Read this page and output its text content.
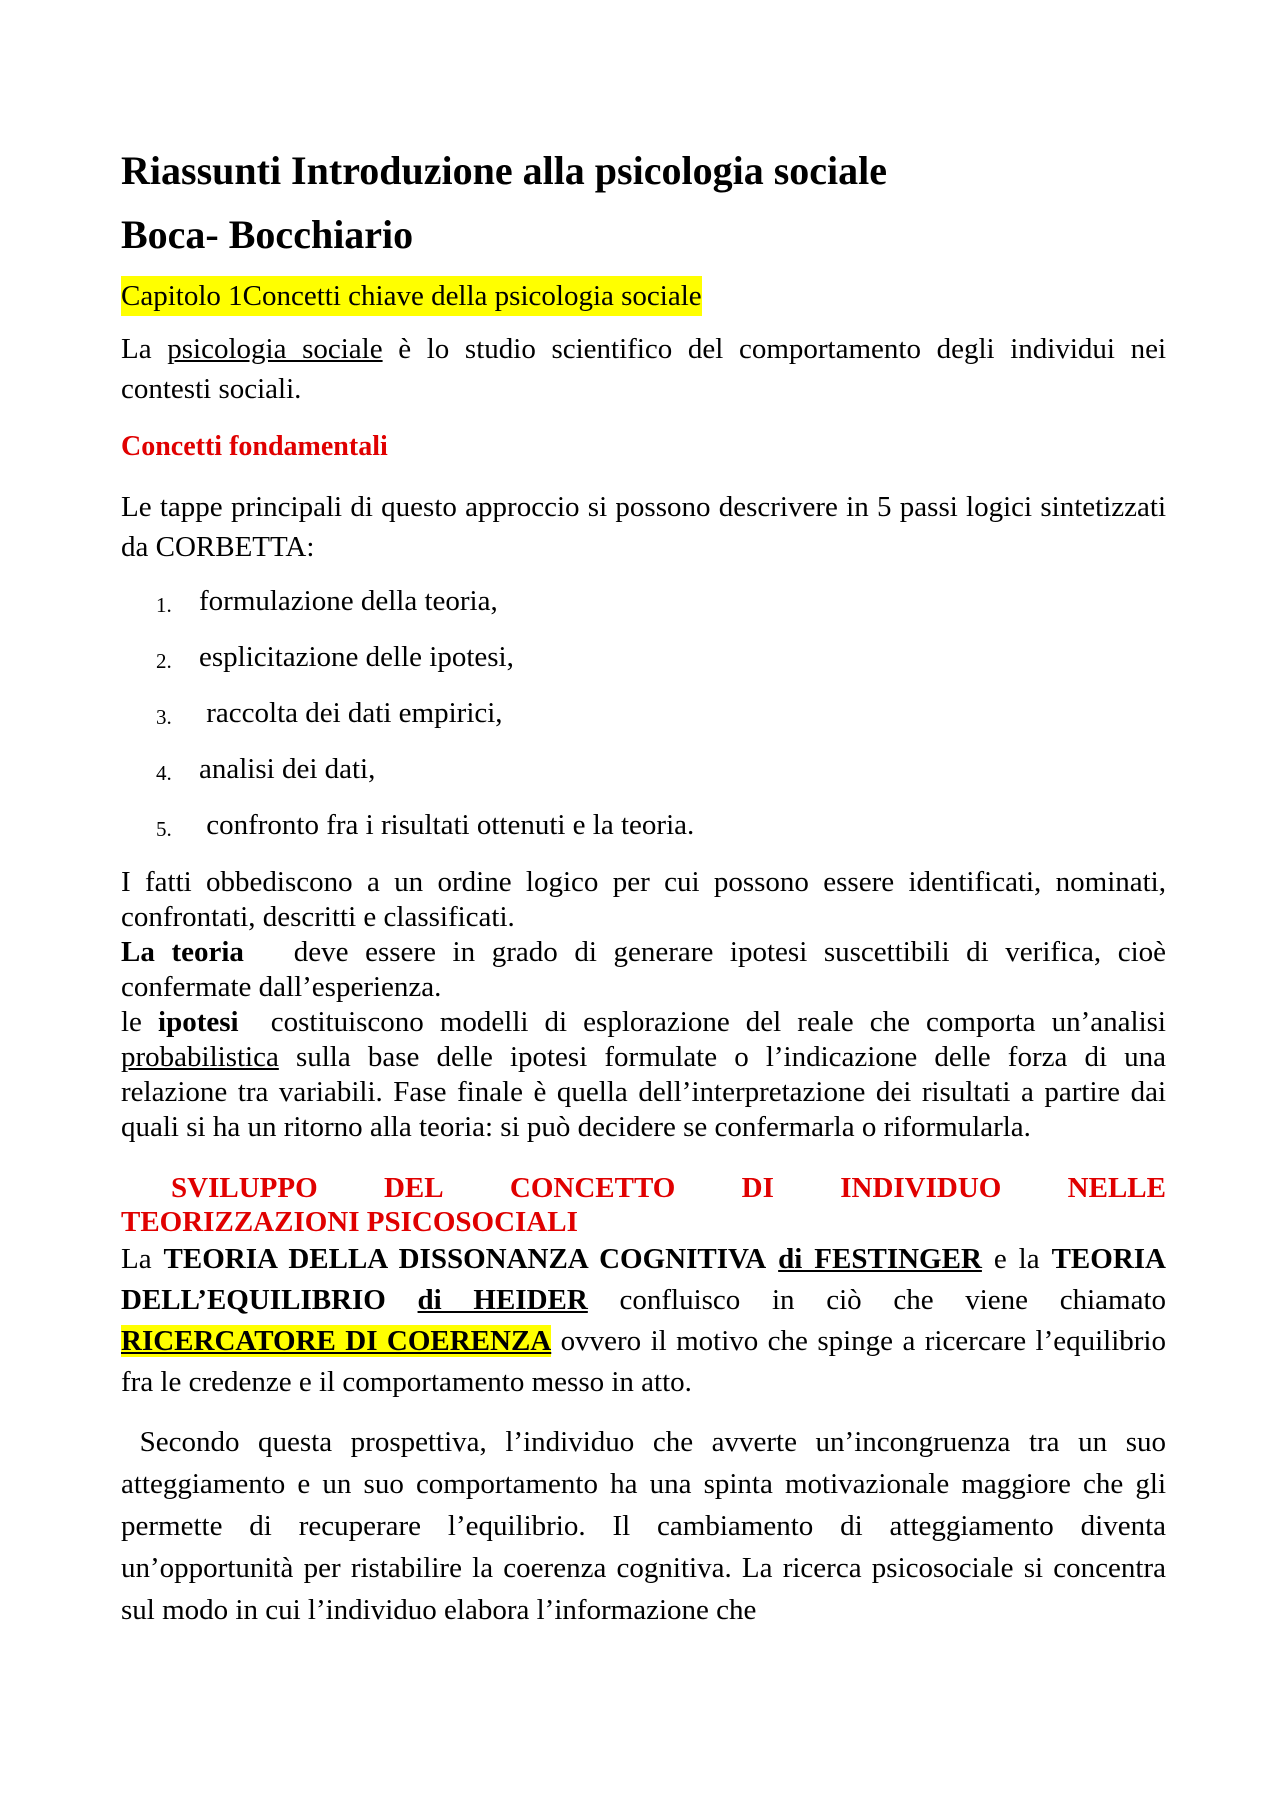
Riassunti Introduzione alla psicologia sociale
Boca- Bocchiario
Capitolo 1Concetti chiave della psicologia sociale

La psicologia sociale è lo studio scientifico del comportamento degli individui nei contesti sociali.

Concetti fondamentali

Le tappe principali di questo approccio si possono descrivere in 5 passi logici sintetizzati da CORBETTA:

1. formulazione della teoria,
2. esplicitazione delle ipotesi,
3. raccolta dei dati empirici,
4. analisi dei dati,
5. confronto fra i risultati ottenuti e la teoria.

I fatti obbediscono a un ordine logico per cui possono essere identificati, nominati, confrontati, descritti e classificati.

La teoria   deve essere in grado di generare ipotesi suscettibili di verifica, cioè confermate dall’esperienza.

le ipotesi  costituiscono modelli di esplorazione del reale che comporta un’analisi probabilistica sulla base delle ipotesi formulate o l’indicazione delle forza di una relazione tra variabili. Fase finale è quella dell’interpretazione dei risultati a partire dai quali si ha un ritorno alla teoria: si può decidere se confermarla o riformularla.

SVILUPPO DEL CONCETTO DI INDIVIDUO NELLE
TEORIZZAZIONI PSICOSOCIALI

La TEORIA DELLA DISSONANZA COGNITIVA di FESTINGER e la TEORIA DELL’EQUILIBRIO di HEIDER confluisco in ciò che viene chiamato RICERCATORE DI COERENZA ovvero il motivo che spinge a ricercare l’equilibrio fra le credenze e il comportamento messo in atto.

Secondo questa prospettiva, l’individuo che avverte un’incongruenza tra un suo atteggiamento e un suo comportamento ha una spinta motivazionale maggiore che gli permette di recuperare l’equilibrio. Il cambiamento di atteggiamento diventa un’opportunità per ristabilire la coerenza cognitiva. La ricerca psicosociale si concentra sul modo in cui l’individuo elabora l’informazione che
